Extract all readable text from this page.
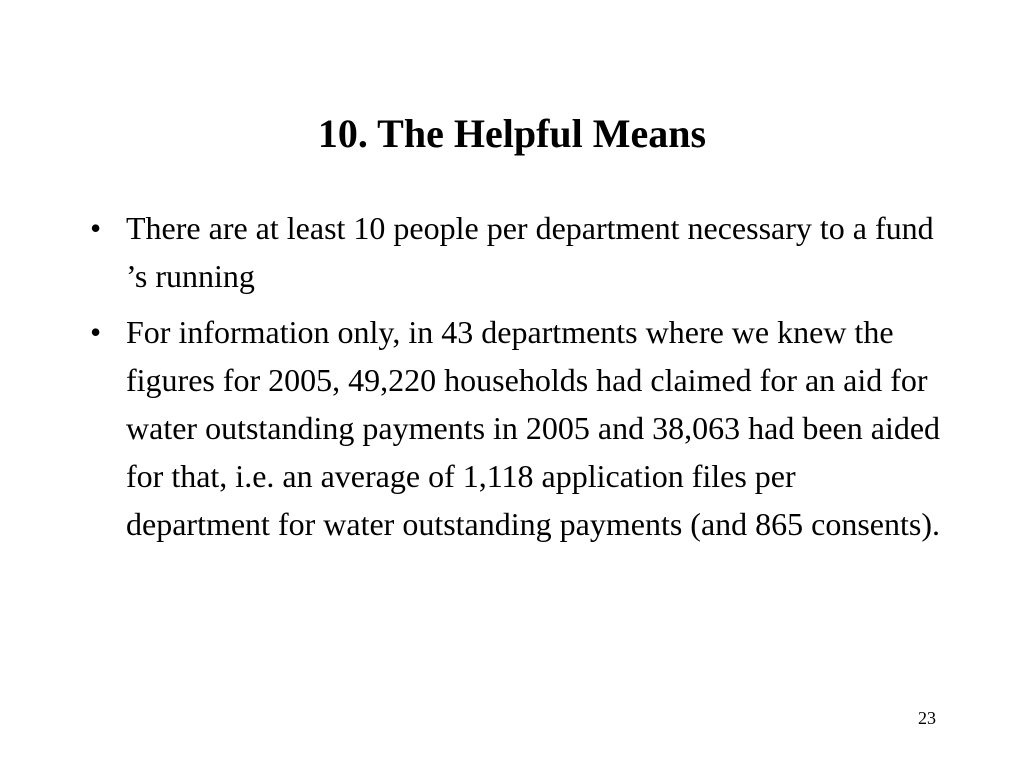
10. The Helpful Means
• There are at least 10 people per department necessary to a fund ’s running
• For information only, in 43 departments where we knew the figures for 2005, 49,220 households had claimed for an aid for water outstanding payments in 2005 and 38,063 had been aided for that, i.e. an average of 1,118 application files per department for water outstanding payments (and 865 consents).
23
